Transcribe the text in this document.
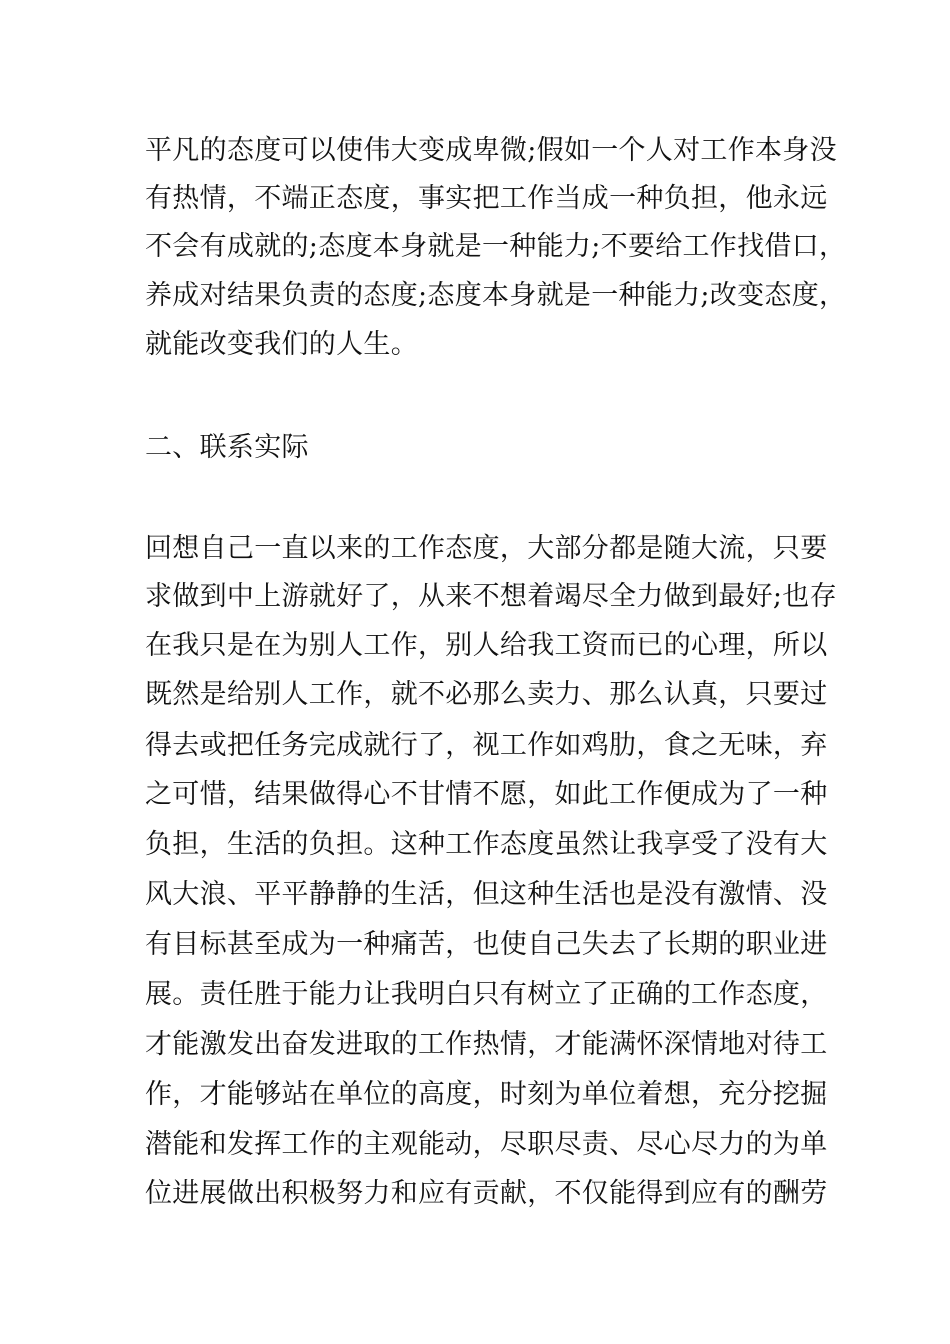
平凡的态度可以使伟大变成卑微;假如一个人对工作本身没
有热情，不端正态度，事实把工作当成一种负担，他永远
不会有成就的;态度本身就是一种能力;不要给工作找借口，
养成对结果负责的态度;态度本身就是一种能力;改变态度，
就能改变我们的人生。
二、联系实际
回想自己一直以来的工作态度，大部分都是随大流，只要
求做到中上游就好了，从来不想着竭尽全力做到最好;也存
在我只是在为别人工作，别人给我工资而已的心理，所以
既然是给别人工作，就不必那么卖力、那么认真，只要过
得去或把任务完成就行了，视工作如鸡肋，食之无味，弃
之可惜，结果做得心不甘情不愿，如此工作便成为了一种
负担，生活的负担。这种工作态度虽然让我享受了没有大
风大浪、平平静静的生活，但这种生活也是没有激情、没
有目标甚至成为一种痛苦，也使自己失去了长期的职业进
展。责任胜于能力让我明白只有树立了正确的工作态度，
才能激发出奋发进取的工作热情，才能满怀深情地对待工
作，才能够站在单位的高度，时刻为单位着想，充分挖掘
潜能和发挥工作的主观能动，尽职尽责、尽心尽力的为单
位进展做出积极努力和应有贡献，不仅能得到应有的酬劳
